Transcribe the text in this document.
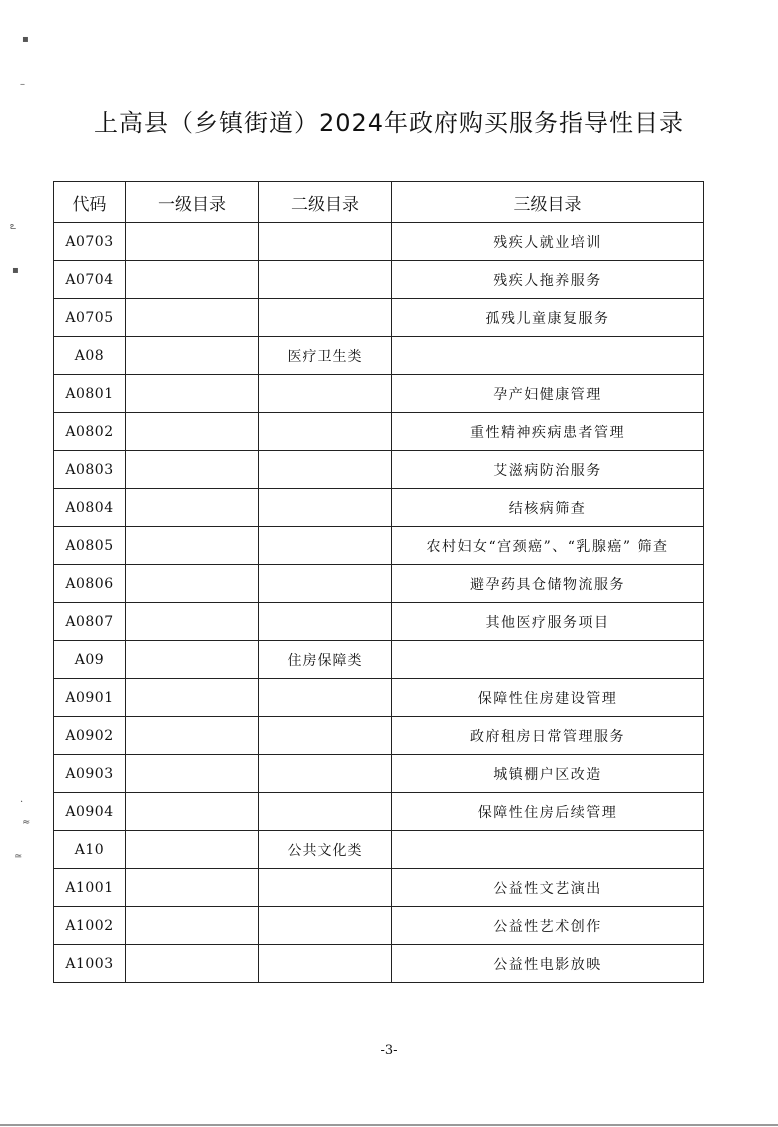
上高县（乡镇街道）2024年政府购买服务指导性目录
代码	一级目录	二级目录	三级目录
A0703			残疾人就业培训
A0704			残疾人拖养服务
A0705			孤残儿童康复服务
A08		医疗卫生类	
A0801			孕产妇健康管理
A0802			重性精神疾病患者管理
A0803			艾滋病防治服务
A0804			结核病筛查
A0805			农村妇女“宫颈癌”、“乳腺癌” 筛查
A0806			避孕药具仓储物流服务
A0807			其他医疗服务项目
A09		住房保障类	
A0901			保障性住房建设管理
A0902			政府租房日常管理服务
A0903			城镇棚户区改造
A0904			保障性住房后续管理
A10		公共文化类	
A1001			公益性文艺演出
A1002			公益性艺术创作
A1003			公益性电影放映
-3-
▪
–
ఽ
▪
·
≈
≃
